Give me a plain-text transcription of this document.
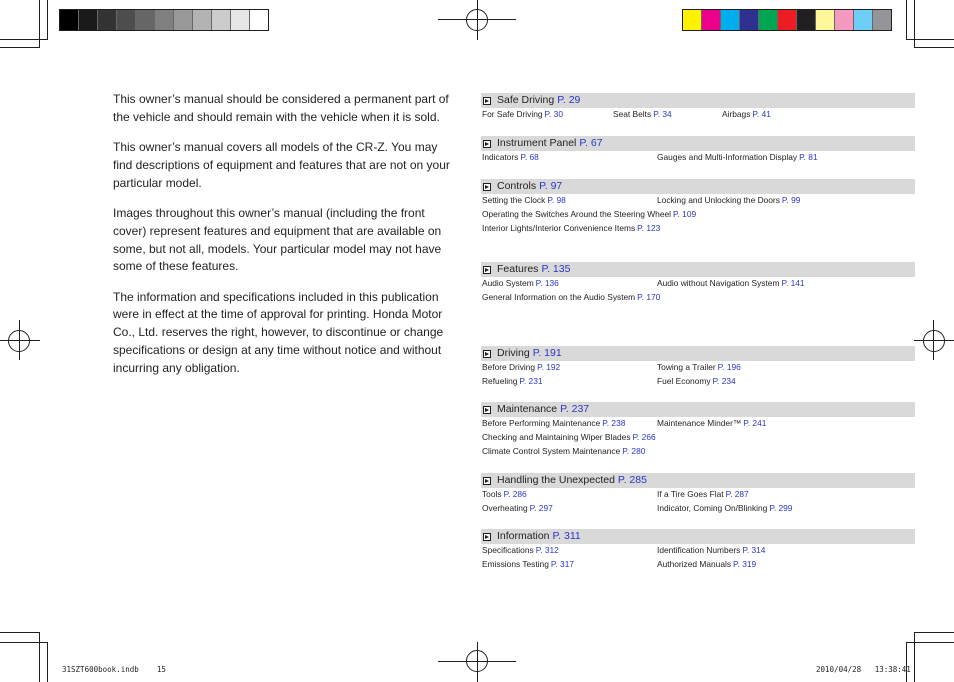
This owner’s manual should be considered a permanent part of the vehicle and should remain with the vehicle when it is sold.

This owner’s manual covers all models of the CR-Z. You may find descriptions of equipment and features that are not on your particular model.

Images throughout this owner’s manual (including the front cover) represent features and equipment that are available on some, but not all, models. Your particular model may not have some of these features.

The information and specifications included in this publication were in effect at the time of approval for printing. Honda Motor Co., Ltd. reserves the right, however, to discontinue or change specifications or design at any time without notice and without incurring any obligation.

Safe Driving P. 29
For Safe Driving P. 30	Seat Belts P. 34	Airbags P. 41
Instrument Panel P. 67
Indicators P. 68	Gauges and Multi-Information Display P. 81
Controls P. 97
Setting the Clock P. 98	Locking and Unlocking the Doors P. 99
Operating the Switches Around the Steering Wheel P. 109
Interior Lights/Interior Convenience Items P. 123
Features P. 135
Audio System P. 136	Audio without Navigation System P. 141
General Information on the Audio System P. 170
Driving P. 191
Before Driving P. 192	Towing a Trailer P. 196
Refueling P. 231	Fuel Economy P. 234
Maintenance P. 237
Before Performing Maintenance P. 238	Maintenance Minder™ P. 241
Checking and Maintaining Wiper Blades P. 266
Climate Control System Maintenance P. 280
Handling the Unexpected P. 285
Tools P. 286	If a Tire Goes Flat P. 287
Overheating P. 297	Indicator, Coming On/Blinking P. 299
Information P. 311
Specifications P. 312	Identification Numbers P. 314
Emissions Testing P. 317	Authorized Manuals P. 319
31SZT600book.indb 15	2010/04/28 13:38:41
